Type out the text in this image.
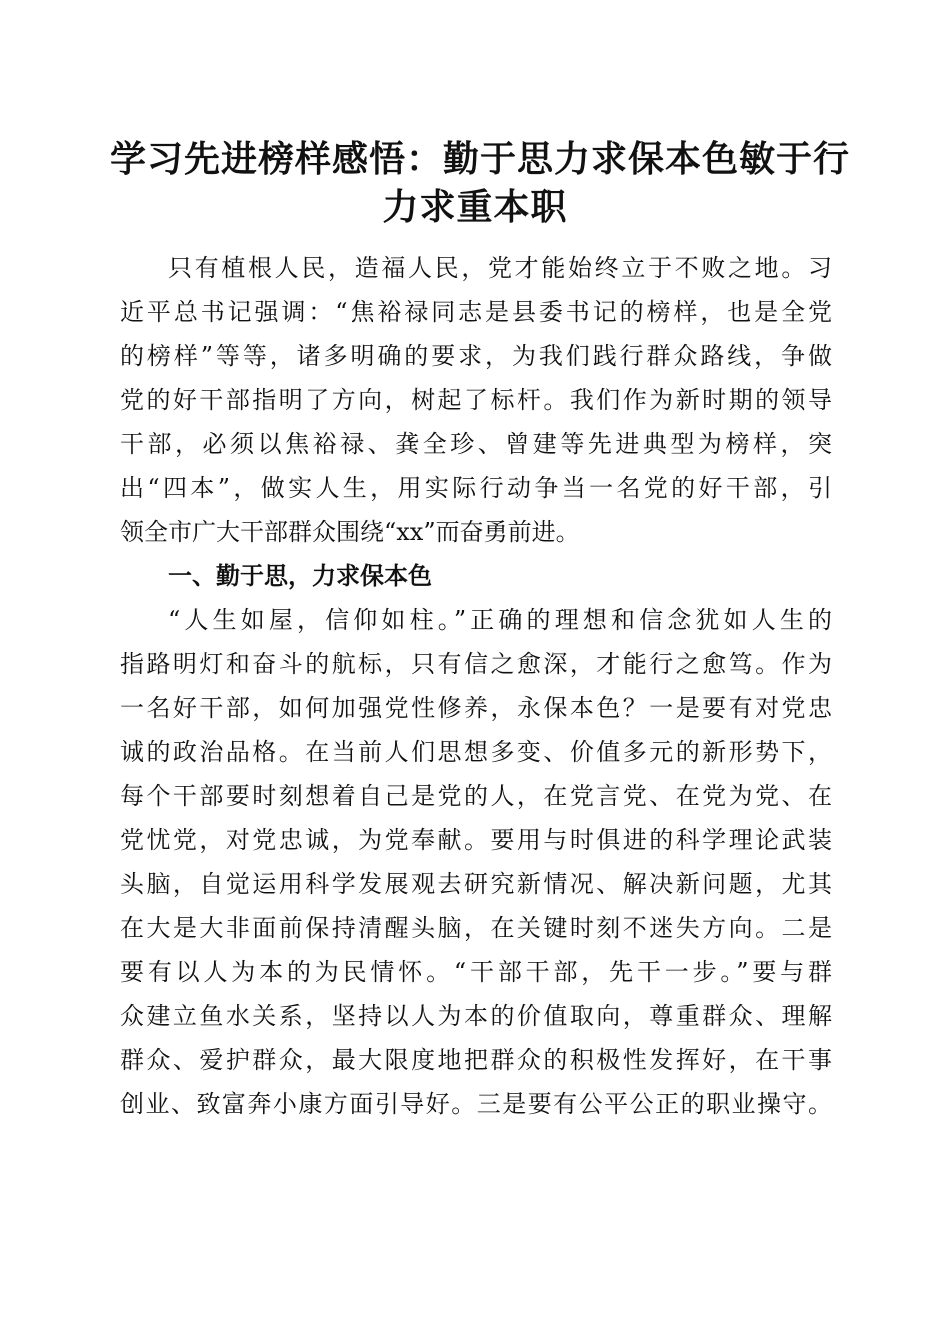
学习先进榜样感悟：勤于思力求保本色敏于行
力求重本职
只有植根人民，造福人民，党才能始终立于不败之地。习
近平总书记强调：“焦裕禄同志是县委书记的榜样，也是全党
的榜样”等等，诸多明确的要求，为我们践行群众路线，争做
党的好干部指明了方向，树起了标杆。我们作为新时期的领导
干部，必须以焦裕禄、龚全珍、曾建等先进典型为榜样，突
出“四本”，做实人生，用实际行动争当一名党的好干部，引
领全市广大干部群众围绕“xx”而奋勇前进。
一、勤于思，力求保本色
“人生如屋，信仰如柱。”正确的理想和信念犹如人生的
指路明灯和奋斗的航标，只有信之愈深，才能行之愈笃。作为
一名好干部，如何加强党性修养，永保本色？一是要有对党忠
诚的政治品格。在当前人们思想多变、价值多元的新形势下，
每个干部要时刻想着自己是党的人，在党言党、在党为党、在
党忧党，对党忠诚，为党奉献。要用与时俱进的科学理论武装
头脑，自觉运用科学发展观去研究新情况、解决新问题，尤其
在大是大非面前保持清醒头脑，在关键时刻不迷失方向。二是
要有以人为本的为民情怀。“干部干部，先干一步。”要与群
众建立鱼水关系，坚持以人为本的价值取向，尊重群众、理解
群众、爱护群众，最大限度地把群众的积极性发挥好，在干事
创业、致富奔小康方面引导好。三是要有公平公正的职业操守。
